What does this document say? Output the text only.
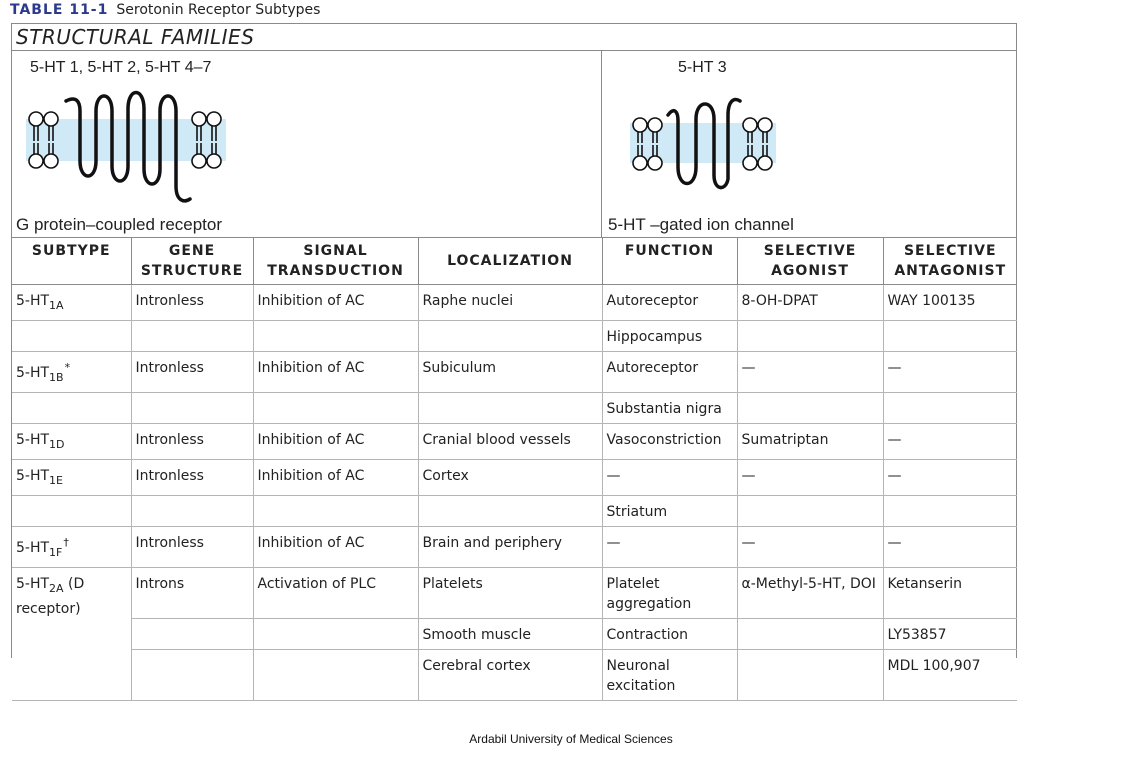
TABLE 11-1 Serotonin Receptor Subtypes
STRUCTURAL FAMILIES
5-HT 1, 5-HT 2, 5-HT 4–7
G protein–coupled receptor
5-HT 3
5-HT –gated ion channel
SUBTYPE	GENE STRUCTURE	SIGNAL TRANSDUCTION	LOCALIZATION	FUNCTION	SELECTIVE AGONIST	SELECTIVE ANTAGONIST
$5-HT_{1A}$	Intronless	Inhibition of AC	Raphe nuclei	Autoreceptor	8-OH-DPAT	WAY 100135
				Hippocampus		
$5-HT_{1B}^*$	Intronless	Inhibition of AC	Subiculum	Autoreceptor	—	—
				Substantia nigra		
$5-HT_{1D}$	Intronless	Inhibition of AC	Cranial blood vessels	Vasoconstriction	Sumatriptan	—
$5-HT_{1E}$	Intronless	Inhibition of AC	Cortex	—	—	—
				Striatum		
$5-HT_{1F}^\dagger$	Intronless	Inhibition of AC	Brain and periphery	—	—	—
$5-HT_{2A}$ (D receptor)	Introns	Activation of PLC	Platelets	Platelet aggregation	α-Methyl-5-HT, DOI	Ketanserin
			Smooth muscle	Contraction		LY53857
			Cerebral cortex	Neuronal excitation		MDL 100,907
Ardabil University of Medical Sciences
